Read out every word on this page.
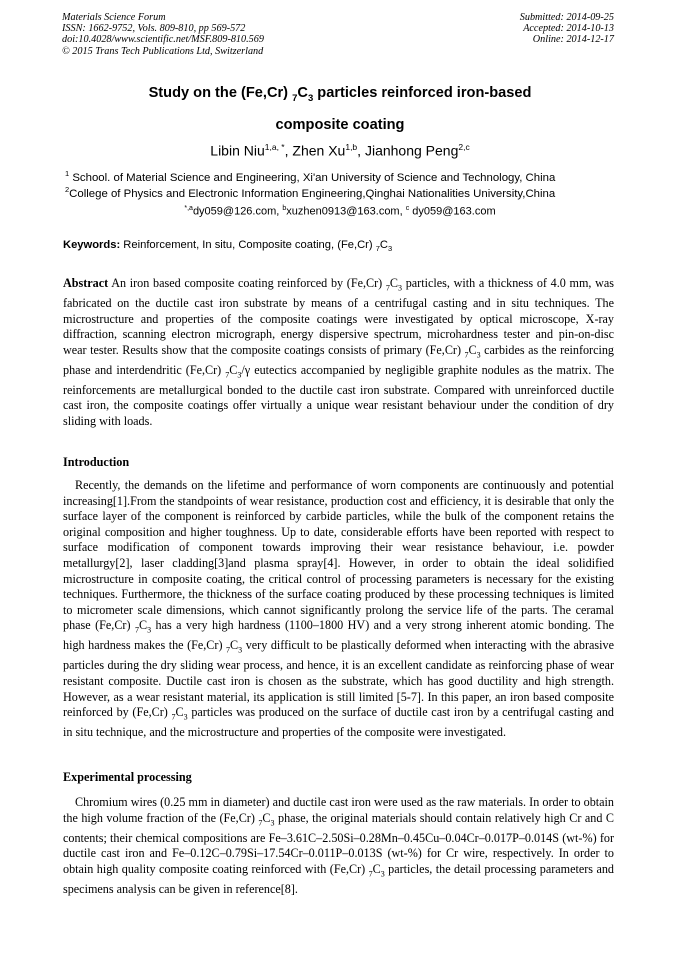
Materials Science Forum
ISSN: 1662-9752, Vols. 809-810, pp 569-572
doi:10.4028/www.scientific.net/MSF.809-810.569
© 2015 Trans Tech Publications Ltd, Switzerland
Submitted: 2014-09-25
Accepted: 2014-10-13
Online: 2014-12-17
Study on the (Fe,Cr) $_7C_3$ particles reinforced iron-based
composite coating
Libin Niu$^{1,a, *}$, Zhen Xu$^{1,b}$, Jianhong Peng$^{2,c}$
$^1$ School. of Material Science and Engineering, Xi'an University of Science and Technology, China
$^2$College of Physics and Electronic Information Engineering,Qinghai Nationalities University,China
$^{*,a}$dy059@126.com, $^b$xuzhen0913@163.com, $^c$ dy059@163.com
Keywords: Reinforcement, In situ, Composite coating, (Fe,Cr) $_7C_3$

Abstract An iron based composite coating reinforced by (Fe,Cr) $_7C_3$ particles, with a thickness of 4.0 mm, was fabricated on the ductile cast iron substrate by means of a centrifugal casting and in situ techniques. The microstructure and properties of the composite coatings were investigated by optical microscope, X-ray diffraction, scanning electron micrograph, energy dispersive spectrum, microhardness tester and pin-on-disc wear tester. Results show that the composite coatings consists of primary (Fe,Cr) $_7C_3$ carbides as the reinforcing phase and interdendritic (Fe,Cr) $_7C_3/\gamma$ eutectics accompanied by negligible graphite nodules as the matrix. The reinforcements are metallurgical bonded to the ductile cast iron substrate. Compared with unreinforced ductile cast iron, the composite coatings offer virtually a unique wear resistant behaviour under the condition of dry sliding with loads.

Introduction

Recently, the demands on the lifetime and performance of worn components are continuously and potential increasing[1].From the standpoints of wear resistance, production cost and efficiency, it is desirable that only the surface layer of the component is reinforced by carbide particles, while the bulk of the component retains the original composition and higher toughness. Up to date, considerable efforts have been reported with respect to surface modification of component towards improving their wear resistance behaviour, i.e. powder metallurgy[2], laser cladding[3]and plasma spray[4]. However, in order to obtain the ideal solidified microstructure in composite coating, the critical control of processing parameters is necessary for the existing techniques. Furthermore, the thickness of the surface coating produced by these processing techniques is limited to micrometer scale dimensions, which cannot significantly prolong the service life of the parts. The ceramal phase (Fe,Cr) $_7C_3$ has a very high hardness (1100–1800 HV) and a very strong inherent atomic bonding. The high hardness makes the (Fe,Cr) $_7C_3$ very difficult to be plastically deformed when interacting with the abrasive particles during the dry sliding wear process, and hence, it is an excellent candidate as reinforcing phase of wear resistant composite. Ductile cast iron is chosen as the substrate, which has good ductility and high strength. However, as a wear resistant material, its application is still limited [5-7]. In this paper, an iron based composite reinforced by (Fe,Cr) $_7C_3$ particles was produced on the surface of ductile cast iron by a centrifugal casting and in situ technique, and the microstructure and properties of the composite were investigated.

Experimental processing

Chromium wires (0.25 mm in diameter) and ductile cast iron were used as the raw materials. In order to obtain the high volume fraction of the (Fe,Cr) $_7C_3$ phase, the original materials should contain relatively high Cr and C contents; their chemical compositions are Fe–3.61C–2.50Si–0.28Mn–0.45Cu–0.04Cr–0.017P–0.014S (wt-%) for ductile cast iron and Fe–0.12C–0.79Si–17.54Cr–0.011P–0.013S (wt-%) for Cr wire, respectively. In order to obtain high quality composite coating reinforced with (Fe,Cr) $_7C_3$ particles, the detail processing parameters and specimens analysis can be given in reference[8].
